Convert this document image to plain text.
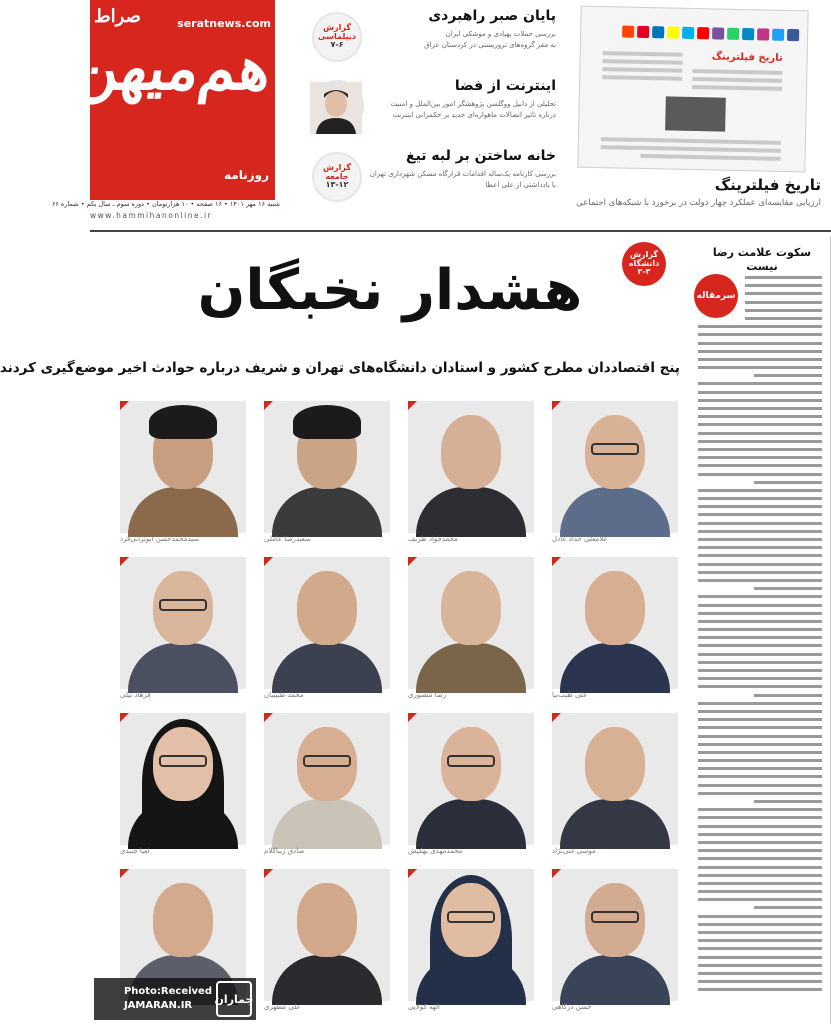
صراط	seratnews.com
هم‌میهن
روزنامه
شنبه ۱۶ مهر ۱۴۰۱ • ۱۶ صفحه • ۱۰ هزارتومان • دوره سوم ـ سال یکم • شماره ۶۶
www.hammihanonline.ir
پایان صبر راهبردی
بررسی حملات پهپادی و موشکی ایران
به مقر گروه‌های تروریستی در کردستان عراق
گزارش
دیپلماسی
۷-۶
اینترنت از فضا
تحلیلی از دانیل ووگلسن پژوهشگر امور بین‌الملل و امنیت
درباره تاثیر اتصالات ماهواره‌ای جدید بر حکمرانی اینترنت
خانه ساختن بر لبه تیغ
بررسی کارنامه یک‌ساله اقدامات قرارگاه مسکن شهرداری تهران
با یادداشتی از علی اعطا
گزارش
جامعه
۱۳-۱۲
تاریخ فیلترینگ
تاریخ فیلترینگ
ارزیابی مقایسه‌ای عملکرد چهار دولت در برخورد با شبکه‌های اجتماعی
گزارش
دانشگاه
۲-۳
هشدار نخبگان
پنج اقتصاددان مطرح کشور و استادان دانشگاه‌های تهران و شریف درباره حوادث اخیر موضع‌گیری کردند
غلامعلی حداد عادل
محمدجواد ظریف
سعیدرضا عاملی
سیدمحمدحسن ابوترابی‌فرد
علی طیب‌نیا
رضا منصوری
محمد طبیبیان
فرهاد نیلی
موسی غنی‌نژاد
محمدمهدی بهکیش
صادق زیباکلام
لعیا جنیدی
حسن درگاهی
الهه کولایی
علی مطهری
سکوت علامت رضا نیست
سرمقاله
جماران
Photo:Received
JAMARAN.IR
